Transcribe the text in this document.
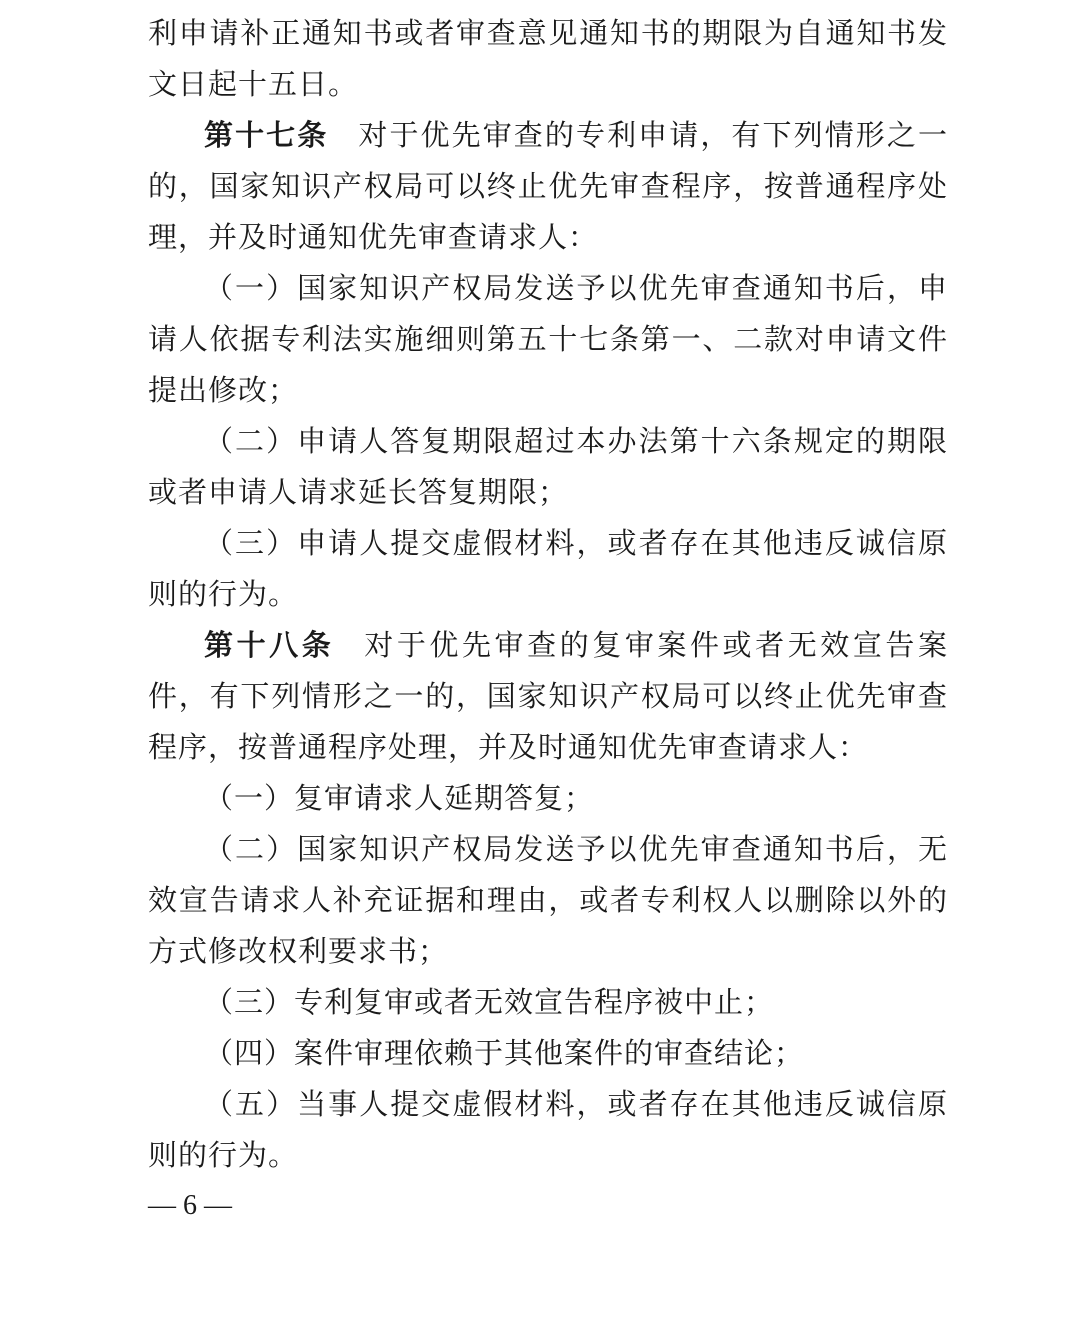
利申请补正通知书或者审查意见通知书的期限为自通知书发文日起十五日。

第十七条 对于优先审查的专利申请，有下列情形之一的，国家知识产权局可以终止优先审查程序，按普通程序处理，并及时通知优先审查请求人：

（一）国家知识产权局发送予以优先审查通知书后，申请人依据专利法实施细则第五十七条第一、二款对申请文件提出修改；

（二）申请人答复期限超过本办法第十六条规定的期限或者申请人请求延长答复期限；

（三）申请人提交虚假材料，或者存在其他违反诚信原则的行为。

第十八条 对于优先审查的复审案件或者无效宣告案件，有下列情形之一的，国家知识产权局可以终止优先审查程序，按普通程序处理，并及时通知优先审查请求人：

（一）复审请求人延期答复；

（二）国家知识产权局发送予以优先审查通知书后，无效宣告请求人补充证据和理由，或者专利权人以删除以外的方式修改权利要求书；

（三）专利复审或者无效宣告程序被中止；

（四）案件审理依赖于其他案件的审查结论；

（五）当事人提交虚假材料，或者存在其他违反诚信原则的行为。

— 6 —
